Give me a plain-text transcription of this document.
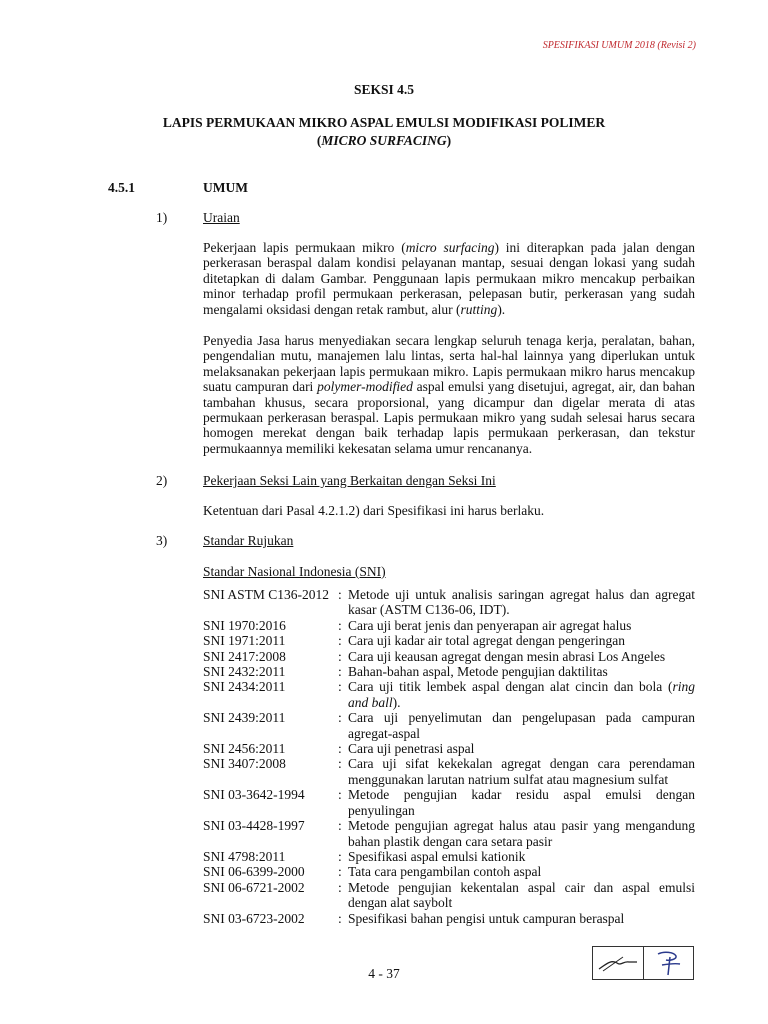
SPESIFIKASI UMUM 2018 (Revisi 2)
SEKSI 4.5
LAPIS PERMUKAAN MIKRO ASPAL EMULSI MODIFIKASI POLIMER
(MICRO SURFACING)
4.5.1	UMUM
1)	Uraian
Pekerjaan lapis permukaan mikro (micro surfacing) ini diterapkan pada jalan dengan perkerasan beraspal dalam kondisi pelayanan mantap, sesuai dengan lokasi yang sudah ditetapkan di dalam Gambar. Penggunaan lapis permukaan mikro mencakup perbaikan minor terhadap profil permukaan perkerasan, pelepasan butir, perkerasan yang sudah mengalami oksidasi dengan retak rambut, alur (rutting).
Penyedia Jasa harus menyediakan secara lengkap seluruh tenaga kerja, peralatan, bahan, pengendalian mutu, manajemen lalu lintas, serta hal-hal lainnya yang diperlukan untuk melaksanakan pekerjaan lapis permukaan mikro. Lapis permukaan mikro harus mencakup suatu campuran dari polymer-modified aspal emulsi yang disetujui, agregat, air, dan bahan tambahan khusus, secara proporsional, yang dicampur dan digelar merata di atas permukaan perkerasan beraspal. Lapis permukaan mikro yang sudah selesai harus secara homogen merekat dengan baik terhadap lapis permukaan perkerasan, dan tekstur permukaannya memiliki kekesatan selama umur rencananya.
2)	Pekerjaan Seksi Lain yang Berkaitan dengan Seksi Ini
Ketentuan dari Pasal 4.2.1.2) dari Spesifikasi ini harus berlaku.
3)	Standar Rujukan
Standar Nasional Indonesia (SNI)
SNI ASTM C136-2012 : Metode uji untuk analisis saringan agregat halus dan agregat kasar (ASTM C136-06, IDT).
SNI 1970:2016	: Cara uji berat jenis dan penyerapan air agregat halus
SNI 1971:2011	: Cara uji kadar air total agregat dengan pengeringan
SNI 2417:2008	: Cara uji keausan agregat dengan mesin abrasi Los Angeles
SNI 2432:2011	: Bahan-bahan aspal, Metode pengujian daktilitas
SNI 2434:2011	: Cara uji titik lembek aspal dengan alat cincin dan bola (ring and ball).
SNI 2439:2011	: Cara uji penyelimutan dan pengelupasan pada campuran agregat-aspal
SNI 2456:2011	: Cara uji penetrasi aspal
SNI 3407:2008	: Cara uji sifat kekekalan agregat dengan cara perendaman menggunakan larutan natrium sulfat atau magnesium sulfat
SNI 03-3642-1994	: Metode pengujian kadar residu aspal emulsi dengan penyulingan
SNI 03-4428-1997	: Metode pengujian agregat halus atau pasir yang mengandung bahan plastik dengan cara setara pasir
SNI 4798:2011	: Spesifikasi aspal emulsi kationik
SNI 06-6399-2000	: Tata cara pengambilan contoh aspal
SNI 06-6721-2002	: Metode pengujian kekentalan aspal cair dan aspal emulsi dengan alat saybolt
SNI 03-6723-2002	: Spesifikasi bahan pengisi untuk campuran beraspal
4 - 37
